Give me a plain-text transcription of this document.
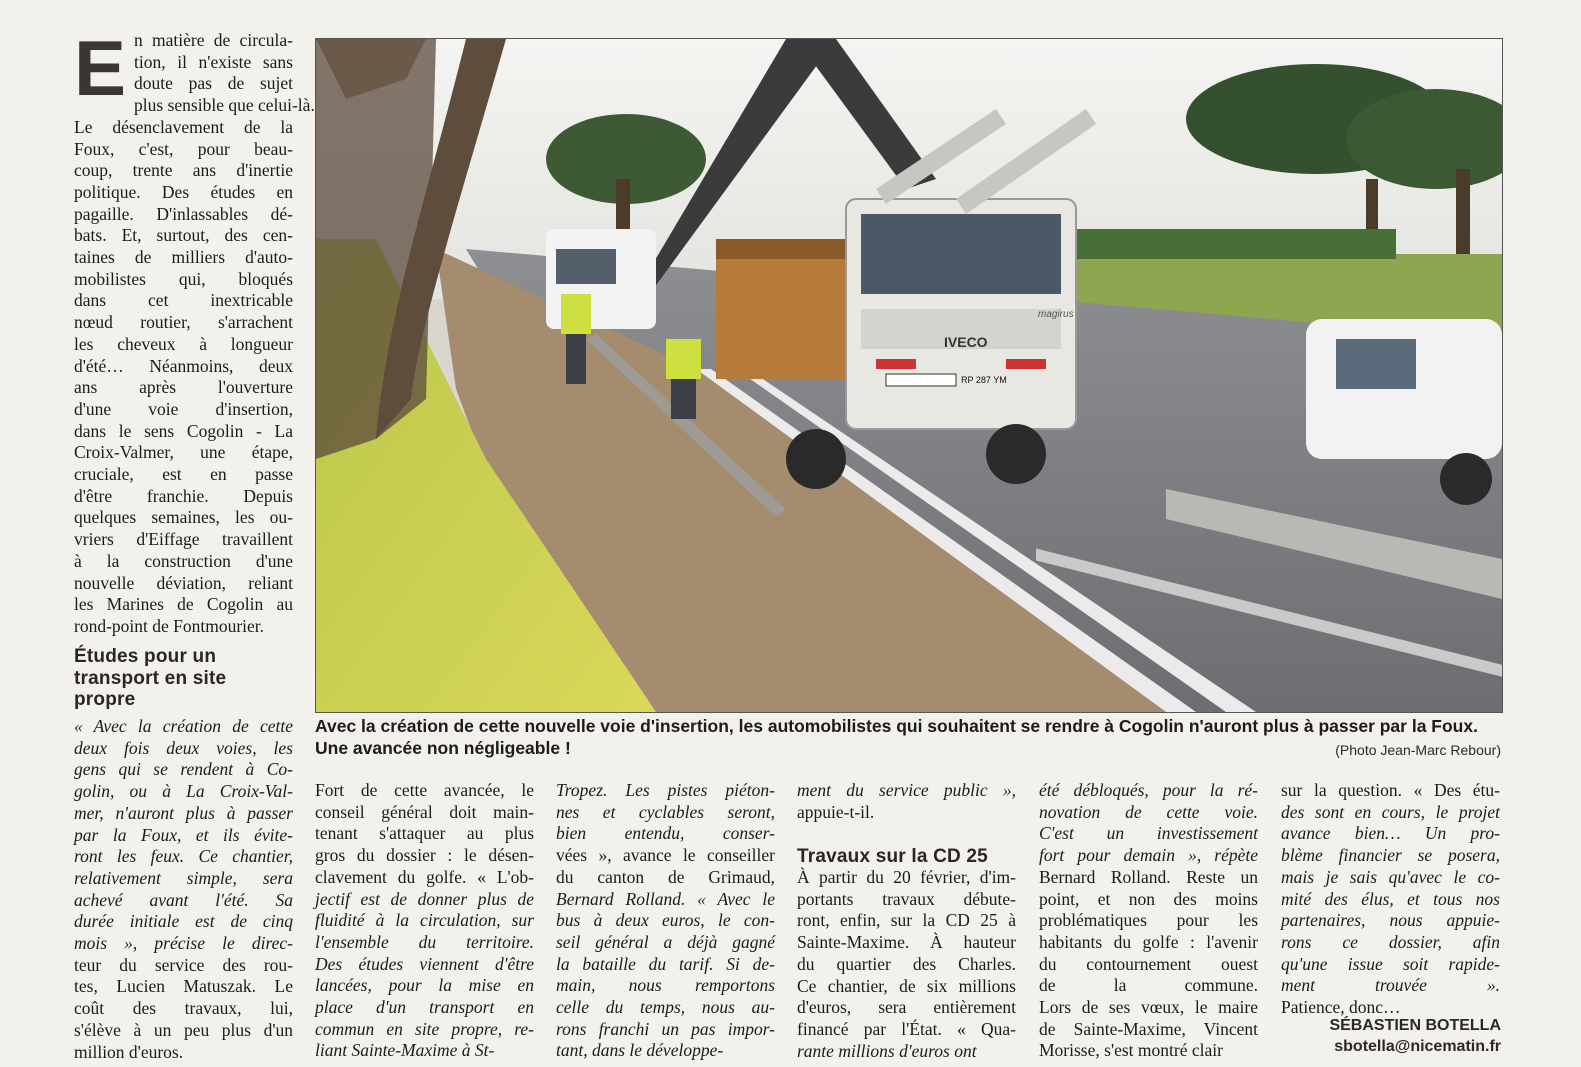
E n matière de circula-
tion, il n'existe sans
doute pas de sujet
plus sensible que celui-là.
Le désenclavement de la
Foux, c'est, pour beau-
coup, trente ans d'inertie
politique. Des études en
pagaille. D'inlassables dé-
bats. Et, surtout, des cen-
taines de milliers d'auto-
mobilistes qui, bloqués
dans cet inextricable
nœud routier, s'arrachent
les cheveux à longueur
d'été… Néanmoins, deux
ans après l'ouverture
d'une voie d'insertion,
dans le sens Cogolin - La
Croix-Valmer, une étape,
cruciale, est en passe
d'être franchie. Depuis
quelques semaines, les ou-
vriers d'Eiffage travaillent
à la construction d'une
nouvelle déviation, reliant
les Marines de Cogolin au
rond-point de Fontmourier.
Études pour un transport en site propre
« Avec la création de cette
deux fois deux voies, les
gens qui se rendent à Co-
golin, ou à La Croix-Val-
mer, n'auront plus à passer
par la Foux, et ils évite-
ront les feux. Ce chantier,
relativement simple, sera
achevé avant l'été. Sa
durée initiale est de cinq
mois », précise le direc-
teur du service des rou-
tes, Lucien Matuszak. Le
coût des travaux, lui,
s'élève à un peu plus d'un
million d'euros.
IVECO
magirus
RP 287 YM

Avec la création de cette nouvelle voie d'insertion, les automobilistes qui souhaitent se rendre à Cogolin n'auront plus à passer par la Foux. Une avancée non négligeable !	(Photo Jean-Marc Rebour)

Fort de cette avancée, le
conseil général doit main-
tenant s'attaquer au plus
gros du dossier : le désen-
clavement du golfe. « L'ob-
jectif est de donner plus de
fluidité à la circulation, sur
l'ensemble du territoire.
Des études viennent d'être
lancées, pour la mise en
place d'un transport en
commun en site propre, re-
liant Sainte-Maxime à St-
Tropez. Les pistes piéton-
nes et cyclables seront,
bien entendu, conser-
vées », avance le conseiller
du canton de Grimaud,
Bernard Rolland. « Avec le
bus à deux euros, le con-
seil général a déjà gagné
la bataille du tarif. Si de-
main, nous remportons
celle du temps, nous au-
rons franchi un pas impor-
tant, dans le développe-
ment du service public »,
appuie-t-il.
Travaux sur la CD 25
À partir du 20 février, d'im-
portants travaux débute-
ront, enfin, sur la CD 25 à
Sainte-Maxime. À hauteur
du quartier des Charles.
Ce chantier, de six millions
d'euros, sera entièrement
financé par l'État. « Qua-
rante millions d'euros ont
été débloqués, pour la ré-
novation de cette voie.
C'est un investissement
fort pour demain », répète
Bernard Rolland. Reste un
point, et non des moins
problématiques pour les
habitants du golfe : l'avenir
du contournement ouest
de la commune.
Lors de ses vœux, le maire
de Sainte-Maxime, Vincent
Morisse, s'est montré clair
sur la question. « Des étu-
des sont en cours, le projet
avance bien… Un pro-
blème financier se posera,
mais je sais qu'avec le co-
mité des élus, et tous nos
partenaires, nous appuie-
rons ce dossier, afin
qu'une issue soit rapide-
ment trouvée ».
Patience, donc…

SÉBASTIEN BOTELLA

sbotella@nicematin.fr
